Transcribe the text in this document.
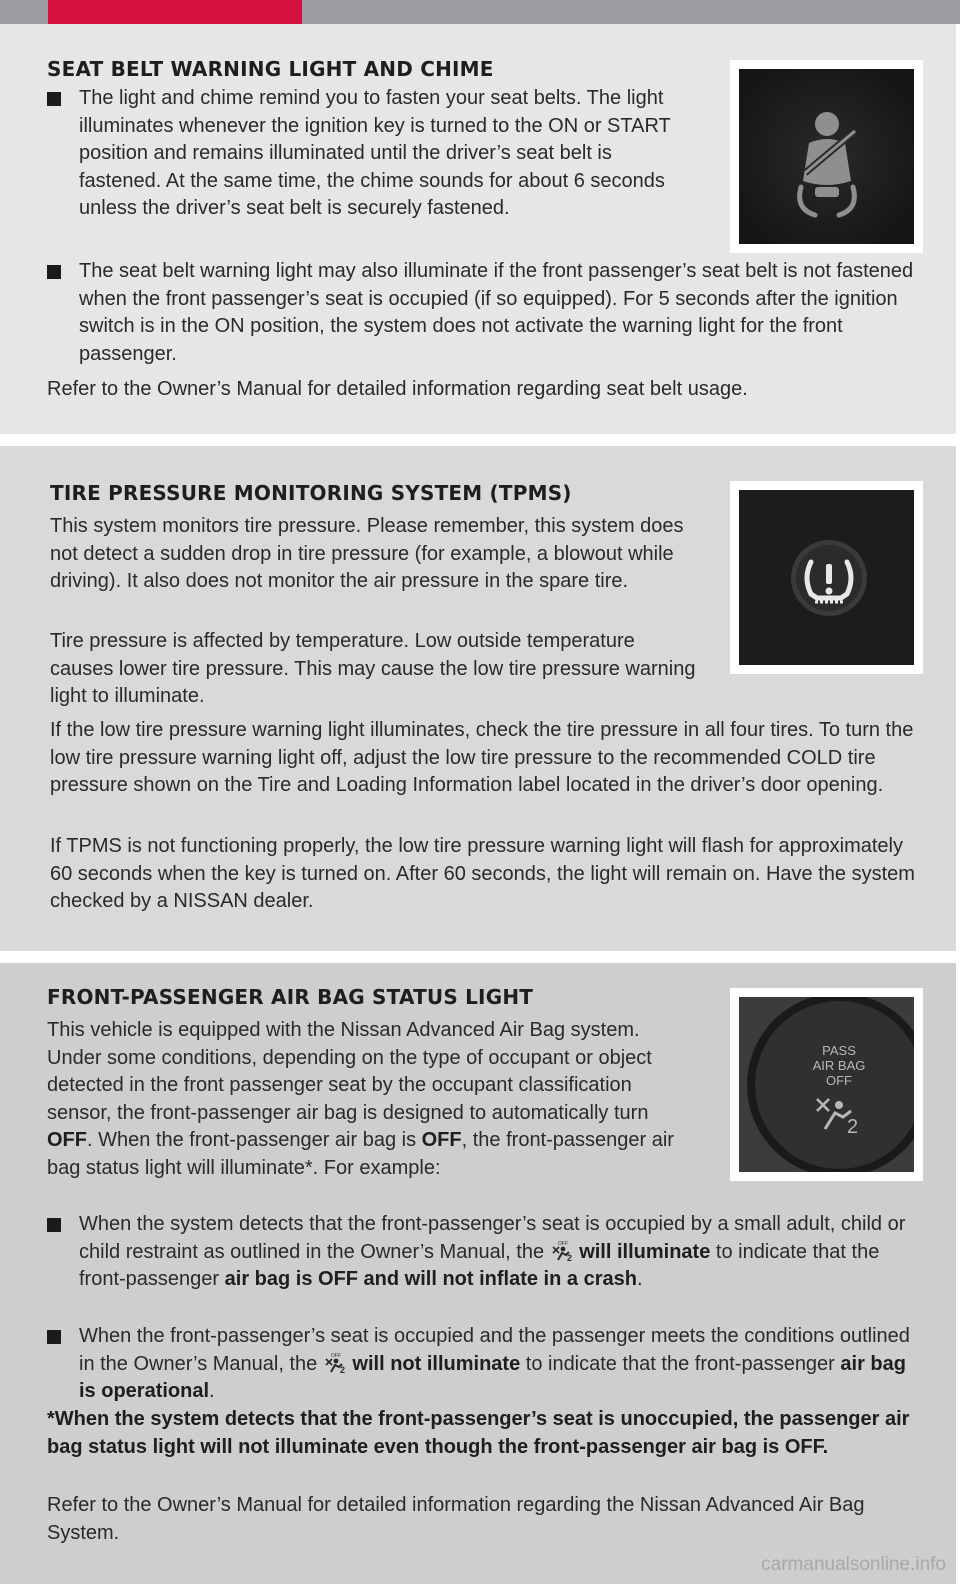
SEAT BELT WARNING LIGHT AND CHIME
The light and chime remind you to fasten your seat belts. The light illuminates whenever the ignition key is turned to the ON or START position and remains illuminated until the driver’s seat belt is fastened. At the same time, the chime sounds for about 6 seconds unless the driver’s seat belt is securely fastened.
The seat belt warning light may also illuminate if the front passenger’s seat belt is not fastened when the front passenger’s seat is occupied (if so equipped). For 5 seconds after the ignition switch is in the ON position, the system does not activate the warning light for the front passenger.
Refer to the Owner’s Manual for detailed information regarding seat belt usage.
TIRE PRESSURE MONITORING SYSTEM (TPMS)
This system monitors tire pressure. Please remember, this system does not detect a sudden drop in tire pressure (for example, a blowout while driving). It also does not monitor the air pressure in the spare tire.
Tire pressure is affected by temperature. Low outside temperature causes lower tire pressure. This may cause the low tire pressure warning light to illuminate.
If the low tire pressure warning light illuminates, check the tire pressure in all four tires. To turn the low tire pressure warning light off, adjust the low tire pressure to the recommended COLD tire pressure shown on the Tire and Loading Information label located in the driver’s door opening.
If TPMS is not functioning properly, the low tire pressure warning light will flash for approximately 60 seconds when the key is turned on. After 60 seconds, the light will remain on. Have the system checked by a NISSAN dealer.
FRONT-PASSENGER AIR BAG STATUS LIGHT
This vehicle is equipped with the Nissan Advanced Air Bag system. Under some conditions, depending on the type of occupant or object detected in the front passenger seat by the occupant classification sensor, the front-passenger air bag is designed to automatically turn OFF. When the front-passenger air bag is OFF, the front-passenger air bag status light will illuminate*. For example:
When the system detects that the front-passenger’s seat is occupied by a small adult, child or child restraint as outlined in the Owner’s Manual, the OFF
2 will illuminate to indicate that the front-passenger air bag is OFF and will not inflate in a crash.
When the front-passenger’s seat is occupied and the passenger meets the conditions outlined in the Owner’s Manual, the OFF
2 will not illuminate to indicate that the front-passenger air bag is operational.
*When the system detects that the front-passenger’s seat is unoccupied, the passenger air bag status light will not illuminate even though the front-passenger air bag is OFF.
Refer to the Owner’s Manual for detailed information regarding the Nissan Advanced Air Bag System.
PASS
AIR BAG
OFF
2
carmanualsonline.info
